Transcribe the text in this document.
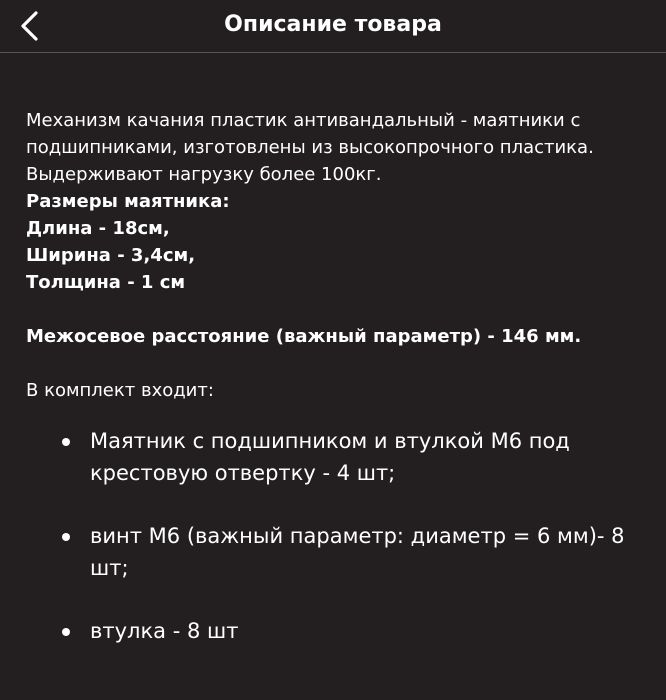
Описание товара

Механизм качания пластик антивандальный - маятники с подшипниками, изготовлены из высокопрочного пластика. Выдерживают нагрузку более 100кг.

Размеры маятника:

Длина - 18см,

Ширина - 3,4см,

Толщина - 1 см

Межосевое расстояние (важный параметр) - 146 мм.

В комплект входит:

Маятник с подшипником и втулкой М6 под крестовую отвертку - 4 шт;
винт М6 (важный параметр: диаметр = 6 мм)- 8 шт;
втулка - 8 шт
